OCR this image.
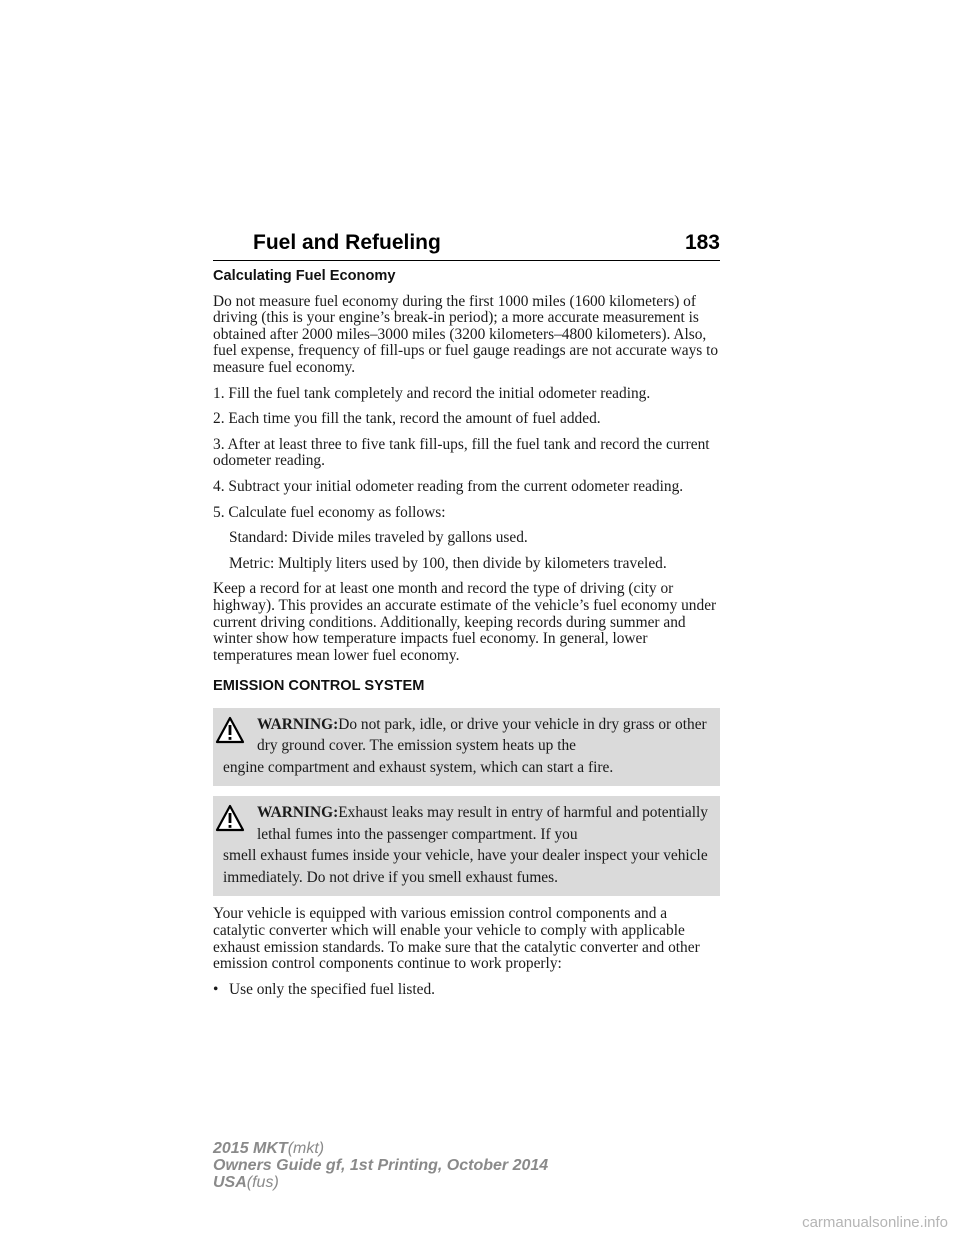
Fuel and Refueling	183
Calculating Fuel Economy

Do not measure fuel economy during the first 1000 miles (1600 kilometers) of driving (this is your engine’s break-in period); a more accurate measurement is obtained after 2000 miles–3000 miles (3200 kilometers–4800 kilometers). Also, fuel expense, frequency of fill-ups or fuel gauge readings are not accurate ways to measure fuel economy.

1. Fill the fuel tank completely and record the initial odometer reading.

2. Each time you fill the tank, record the amount of fuel added.

3. After at least three to five tank fill-ups, fill the fuel tank and record the current odometer reading.

4. Subtract your initial odometer reading from the current odometer reading.

5. Calculate fuel economy as follows:

Standard: Divide miles traveled by gallons used.

Metric: Multiply liters used by 100, then divide by kilometers traveled.

Keep a record for at least one month and record the type of driving (city or highway). This provides an accurate estimate of the vehicle’s fuel economy under current driving conditions. Additionally, keeping records during summer and winter show how temperature impacts fuel economy. In general, lower temperatures mean lower fuel economy.

EMISSION CONTROL SYSTEM
WARNING:Do not park, idle, or drive your vehicle in dry grass or other dry ground cover. The emission system heats up the
engine compartment and exhaust system, which can start a fire.
WARNING:Exhaust leaks may result in entry of harmful and potentially lethal fumes into the passenger compartment. If you
smell exhaust fumes inside your vehicle, have your dealer inspect your vehicle immediately. Do not drive if you smell exhaust fumes.

Your vehicle is equipped with various emission control components and a catalytic converter which will enable your vehicle to comply with applicable exhaust emission standards. To make sure that the catalytic converter and other emission control components continue to work properly:

• Use only the specified fuel listed.
2015 MKT(mkt)
Owners Guide gf, 1st Printing, October 2014
USA(fus)
carmanualsonline.info
